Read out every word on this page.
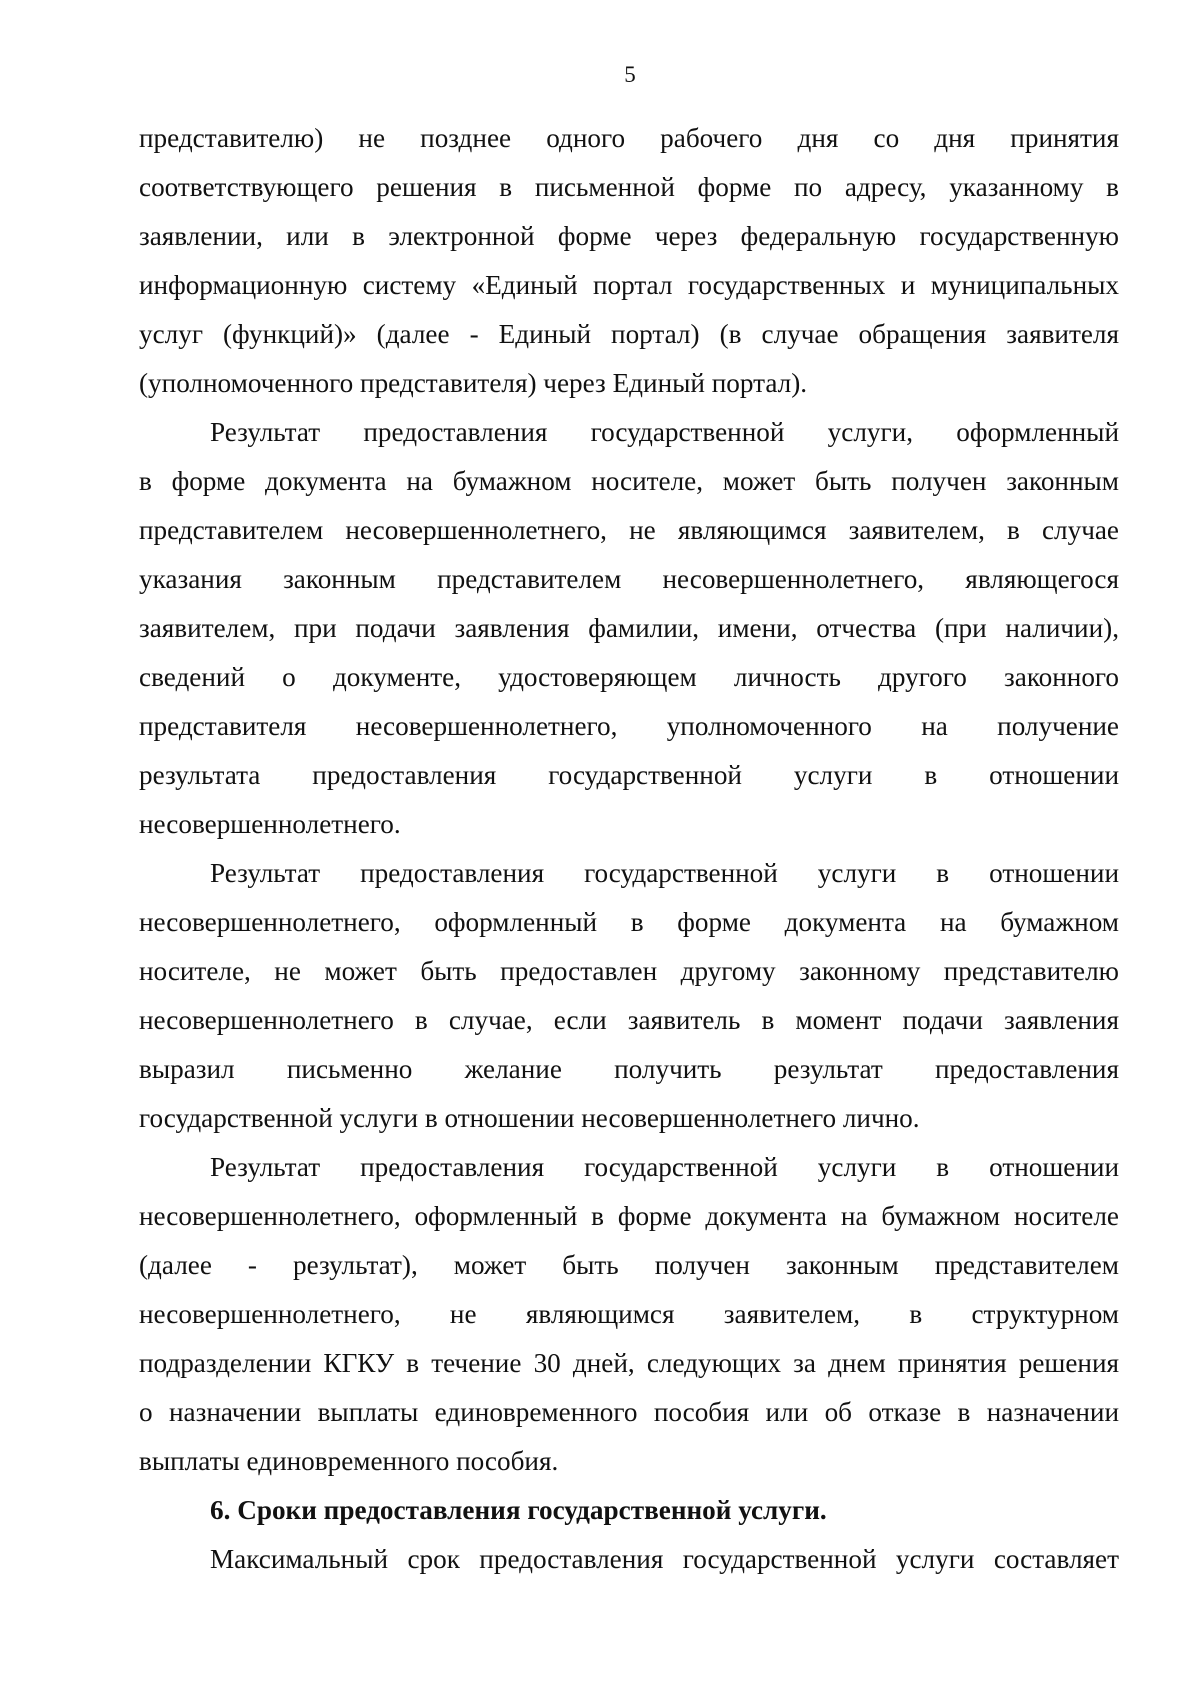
5
представителю) не позднее одного рабочего дня со дня принятия
соответствующего решения в письменной форме по адресу, указанному в
заявлении, или в электронной форме через федеральную государственную
информационную систему «Единый портал государственных и муниципальных
услуг (функций)» (далее - Единый портал) (в случае обращения заявителя
(уполномоченного представителя) через Единый портал).
Результат предоставления государственной услуги, оформленный
в форме документа на бумажном носителе, может быть получен законным
представителем несовершеннолетнего, не являющимся заявителем, в случае
указания законным представителем несовершеннолетнего, являющегося
заявителем, при подачи заявления фамилии, имени, отчества (при наличии),
сведений о документе, удостоверяющем личность другого законного
представителя несовершеннолетнего, уполномоченного на получение
результата предоставления государственной услуги в отношении
несовершеннолетнего.
Результат предоставления государственной услуги в отношении
несовершеннолетнего, оформленный в форме документа на бумажном
носителе, не может быть предоставлен другому законному представителю
несовершеннолетнего в случае, если заявитель в момент подачи заявления
выразил письменно желание получить результат предоставления
государственной услуги в отношении несовершеннолетнего лично.
Результат предоставления государственной услуги в отношении
несовершеннолетнего, оформленный в форме документа на бумажном носителе
(далее - результат), может быть получен законным представителем
несовершеннолетнего, не являющимся заявителем, в структурном
подразделении КГКУ в течение 30 дней, следующих за днем принятия решения
о назначении выплаты единовременного пособия или об отказе в назначении
выплаты единовременного пособия.
6. Сроки предоставления государственной услуги.
Максимальный срок предоставления государственной услуги составляет
